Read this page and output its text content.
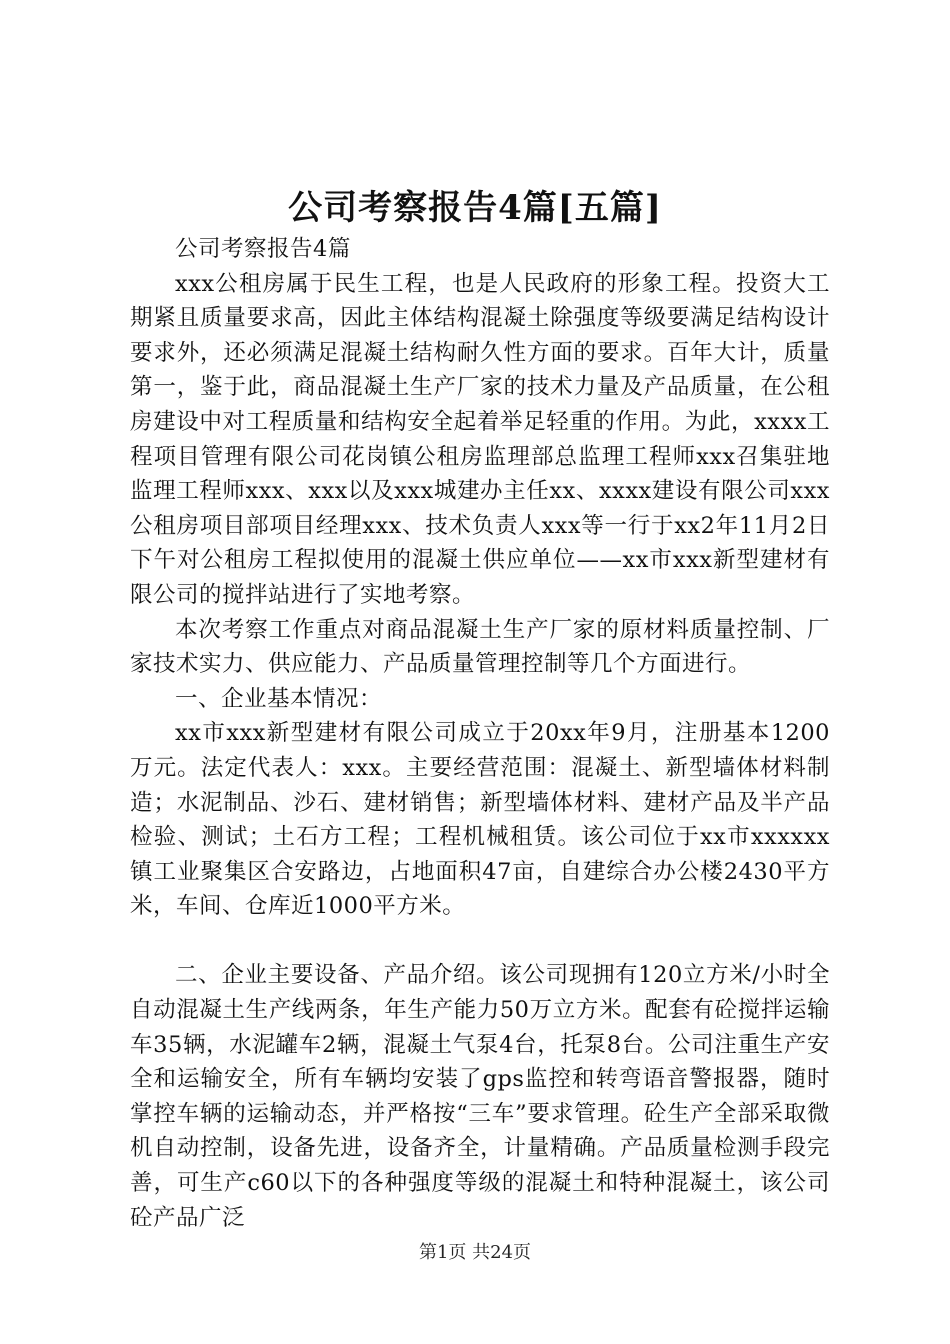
公司考察报告4篇[五篇]

公司考察报告4篇

xxx公租房属于民生工程，也是人民政府的形象工程。投资大工期紧且质量要求高，因此主体结构混凝土除强度等级要满足结构设计要求外，还必须满足混凝土结构耐久性方面的要求。百年大计，质量第一，鉴于此，商品混凝土生产厂家的技术力量及产品质量，在公租房建设中对工程质量和结构安全起着举足轻重的作用。为此，xxxx工程项目管理有限公司花岗镇公租房监理部总监理工程师xxx召集驻地监理工程师xxx、xxx以及xxx城建办主任xx、xxxx建设有限公司xxx公租房项目部项目经理xxx、技术负责人xxx等一行于xx2年11月2日下午对公租房工程拟使用的混凝土供应单位——xx市xxx新型建材有限公司的搅拌站进行了实地考察。

本次考察工作重点对商品混凝土生产厂家的原材料质量控制、厂家技术实力、供应能力、产品质量管理控制等几个方面进行。

一、企业基本情况：

xx市xxx新型建材有限公司成立于20xx年9月，注册基本1200万元。法定代表人：xxx。主要经营范围：混凝土、新型墙体材料制造；水泥制品、沙石、建材销售；新型墙体材料、建材产品及半产品检验、测试；土石方工程；工程机械租赁。该公司位于xx市xxxxxx镇工业聚集区合安路边，占地面积47亩，自建综合办公楼2430平方米，车间、仓库近1000平方米。

二、企业主要设备、产品介绍。该公司现拥有120立方米/小时全自动混凝土生产线两条，年生产能力50万立方米。配套有砼搅拌运输车35辆，水泥罐车2辆，混凝土气泵4台，托泵8台。公司注重生产安全和运输安全，所有车辆均安装了gps监控和转弯语音警报器，随时掌控车辆的运输动态，并严格按“三车”要求管理。砼生产全部采取微机自动控制，设备先进，设备齐全，计量精确。产品质量检测手段完善，可生产c60以下的各种强度等级的混凝土和特种混凝土，该公司砼产品广泛

第1页 共24页
